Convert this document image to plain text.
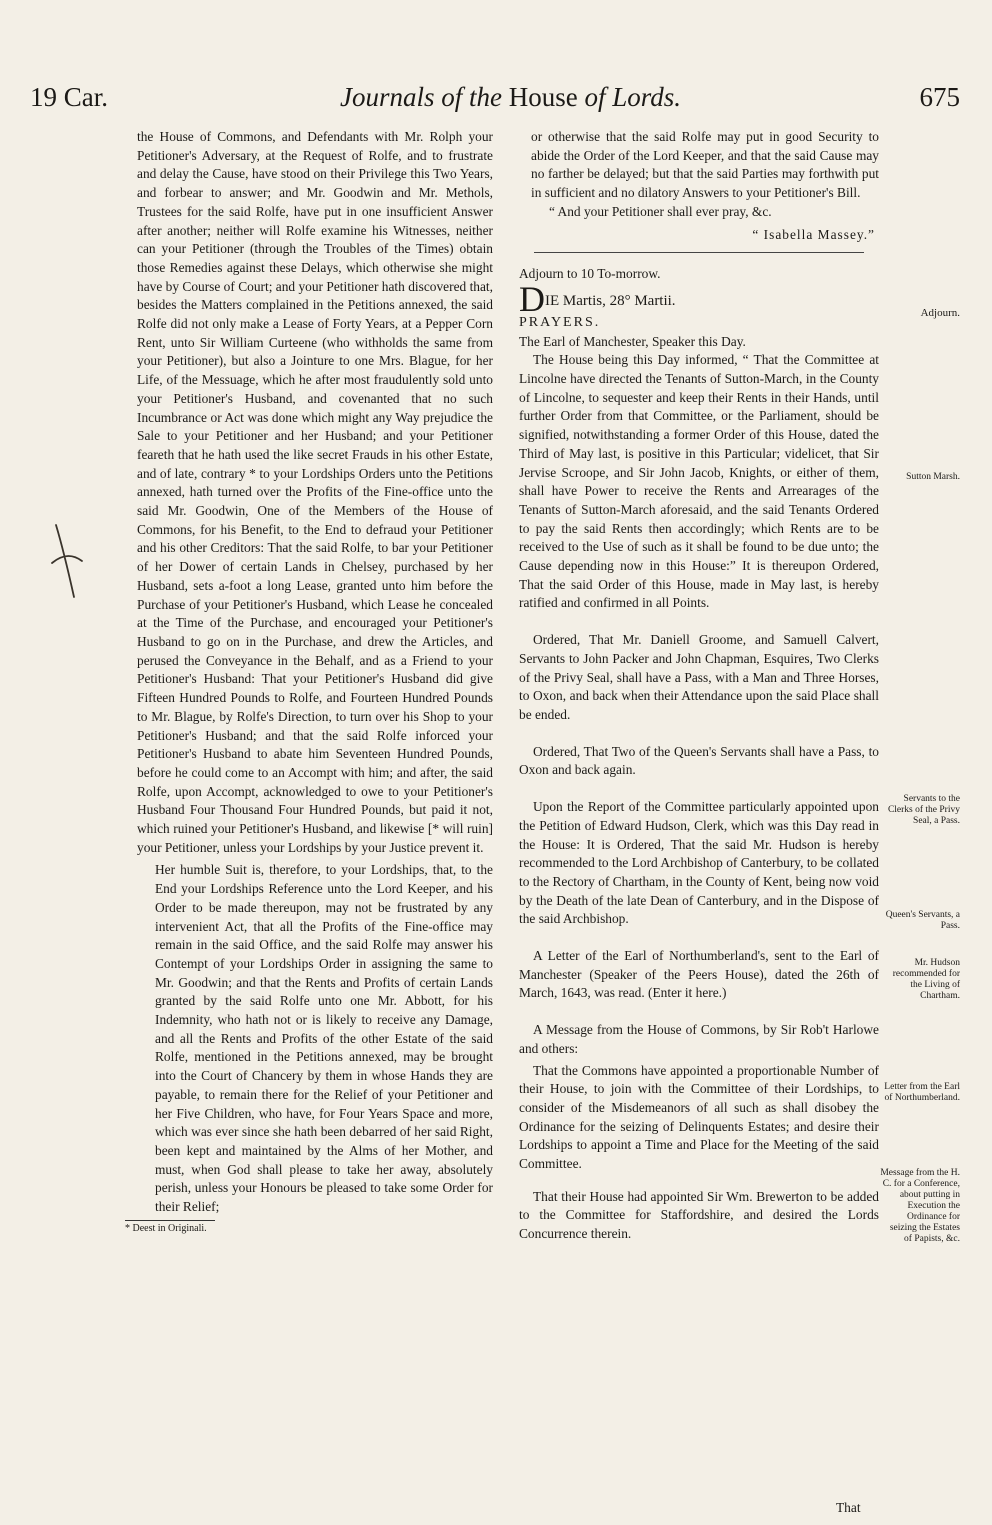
19 Car.	Journals of the House of Lords.	675

the House of Commons, and Defendants with Mr. Rolph your Petitioner's Adversary, at the Request of Rolfe, and to frustrate and delay the Cause, have stood on their Privilege this Two Years, and forbear to answer; and Mr. Goodwin and Mr. Methols, Trustees for the said Rolfe, have put in one insufficient Answer after another; neither will Rolfe examine his Witnesses, neither can your Petitioner (through the Troubles of the Times) obtain those Remedies against these Delays, which otherwise she might have by Course of Court; and your Petitioner hath discovered that, besides the Matters complained in the Petitions annexed, the said Rolfe did not only make a Lease of Forty Years, at a Pepper Corn Rent, unto Sir William Curteene (who withholds the same from your Petitioner), but also a Jointure to one Mrs. Blague, for her Life, of the Messuage, which he after most fraudulently sold unto your Petitioner's Husband, and covenanted that no such Incumbrance or Act was done which might any Way prejudice the Sale to your Petitioner and her Husband; and your Petitioner feareth that he hath used the like secret Frauds in his other Estate, and of late, contrary * to your Lordships Orders unto the Petitions annexed, hath turned over the Profits of the Fine-office unto the said Mr. Goodwin, One of the Members of the House of Commons, for his Benefit, to the End to defraud your Petitioner and his other Creditors: That the said Rolfe, to bar your Petitioner of her Dower of certain Lands in Chelsey, purchased by her Husband, sets a-foot a long Lease, granted unto him before the Purchase of your Petitioner's Husband, which Lease he concealed at the Time of the Purchase, and encouraged your Petitioner's Husband to go on in the Purchase, and drew the Articles, and perused the Conveyance in the Behalf, and as a Friend to your Petitioner's Husband: That your Petitioner's Husband did give Fifteen Hundred Pounds to Rolfe, and Fourteen Hundred Pounds to Mr. Blague, by Rolfe's Direction, to turn over his Shop to your Petitioner's Husband; and that the said Rolfe inforced your Petitioner's Husband to abate him Seventeen Hundred Pounds, before he could come to an Accompt with him; and after, the said Rolfe, upon Accompt, acknowledged to owe to your Petitioner's Husband Four Thousand Four Hundred Pounds, but paid it not, which ruined your Petitioner's Husband, and likewise [* will ruin] your Petitioner, unless your Lordships by your Justice prevent it.

Her humble Suit is, therefore, to your Lordships, that, to the End your Lordships Reference unto the Lord Keeper, and his Order to be made thereupon, may not be frustrated by any intervenient Act, that all the Profits of the Fine-office may remain in the said Office, and the said Rolfe may answer his Contempt of your Lordships Order in assigning the same to Mr. Goodwin; and that the Rents and Profits of certain Lands granted by the said Rolfe unto one Mr. Abbott, for his Indemnity, who hath not or is likely to receive any Damage, and all the Rents and Profits of the other Estate of the said Rolfe, mentioned in the Petitions annexed, may be brought into the Court of Chancery by them in whose Hands they are payable, to remain there for the Relief of your Petitioner and her Five Children, who have, for Four Years Space and more, which was ever since she hath been debarred of her said Right, been kept and maintained by the Alms of her Mother, and must, when God shall please to take her away, absolutely perish, unless your Honours be pleased to take some Order for their Relief;

* Deest in Originali.

or otherwise that the said Rolfe may put in good Security to abide the Order of the Lord Keeper, and that the said Cause may no farther be delayed; but that the said Parties may forthwith put in sufficient and no dilatory Answers to your Petitioner's Bill.

“ And your Petitioner shall ever pray, &c.
“ Isabella Massey.”

Adjourn to 10 To-morrow.

DIE Martis, 28° Martii.

PRAYERS.

The Earl of Manchester, Speaker this Day.

The House being this Day informed, “ That the Committee at Lincolne have directed the Tenants of Sutton-March, in the County of Lincolne, to sequester and keep their Rents in their Hands, until further Order from that Committee, or the Parliament, should be signified, notwithstanding a former Order of this House, dated the Third of May last, is positive in this Particular; videlicet, that Sir Jervise Scroope, and Sir John Jacob, Knights, or either of them, shall have Power to receive the Rents and Arrearages of the Tenants of Sutton-March aforesaid, and the said Tenants Ordered to pay the said Rents then accordingly; which Rents are to be received to the Use of such as it shall be found to be due unto; the Cause depending now in this House:” It is thereupon Ordered, That the said Order of this House, made in May last, is hereby ratified and confirmed in all Points.

Ordered, That Mr. Daniell Groome, and Samuell Calvert, Servants to John Packer and John Chapman, Esquires, Two Clerks of the Privy Seal, shall have a Pass, with a Man and Three Horses, to Oxon, and back when their Attendance upon the said Place shall be ended.

Ordered, That Two of the Queen's Servants shall have a Pass, to Oxon and back again.

Upon the Report of the Committee particularly appointed upon the Petition of Edward Hudson, Clerk, which was this Day read in the House: It is Ordered, That the said Mr. Hudson is hereby recommended to the Lord Archbishop of Canterbury, to be collated to the Rectory of Chartham, in the County of Kent, being now void by the Death of the late Dean of Canterbury, and in the Dispose of the said Archbishop.

A Letter of the Earl of Northumberland's, sent to the Earl of Manchester (Speaker of the Peers House), dated the 26th of March, 1643, was read. (Enter it here.)

A Message from the House of Commons, by Sir Rob't Harlowe and others:

That the Commons have appointed a proportionable Number of their House, to join with the Committee of their Lordships, to consider of the Misdemeanors of all such as shall disobey the Ordinance for the seizing of Delinquents Estates; and desire their Lordships to appoint a Time and Place for the Meeting of the said Committee.

That their House had appointed Sir Wm. Brewerton to be added to the Committee for Staffordshire, and desired the Lords Concurrence therein.

Adjourn.
Sutton Marsh.
Servants to the Clerks of the Privy Seal, a Pass.
Queen's Servants, a Pass.
Mr. Hudson recommended for the Living of Chartham.
Letter from the Earl of Northumberland.
Message from the H. C. for a Conference, about putting in Execution the Ordinance for seizing the Estates of Papists, &c.
That
